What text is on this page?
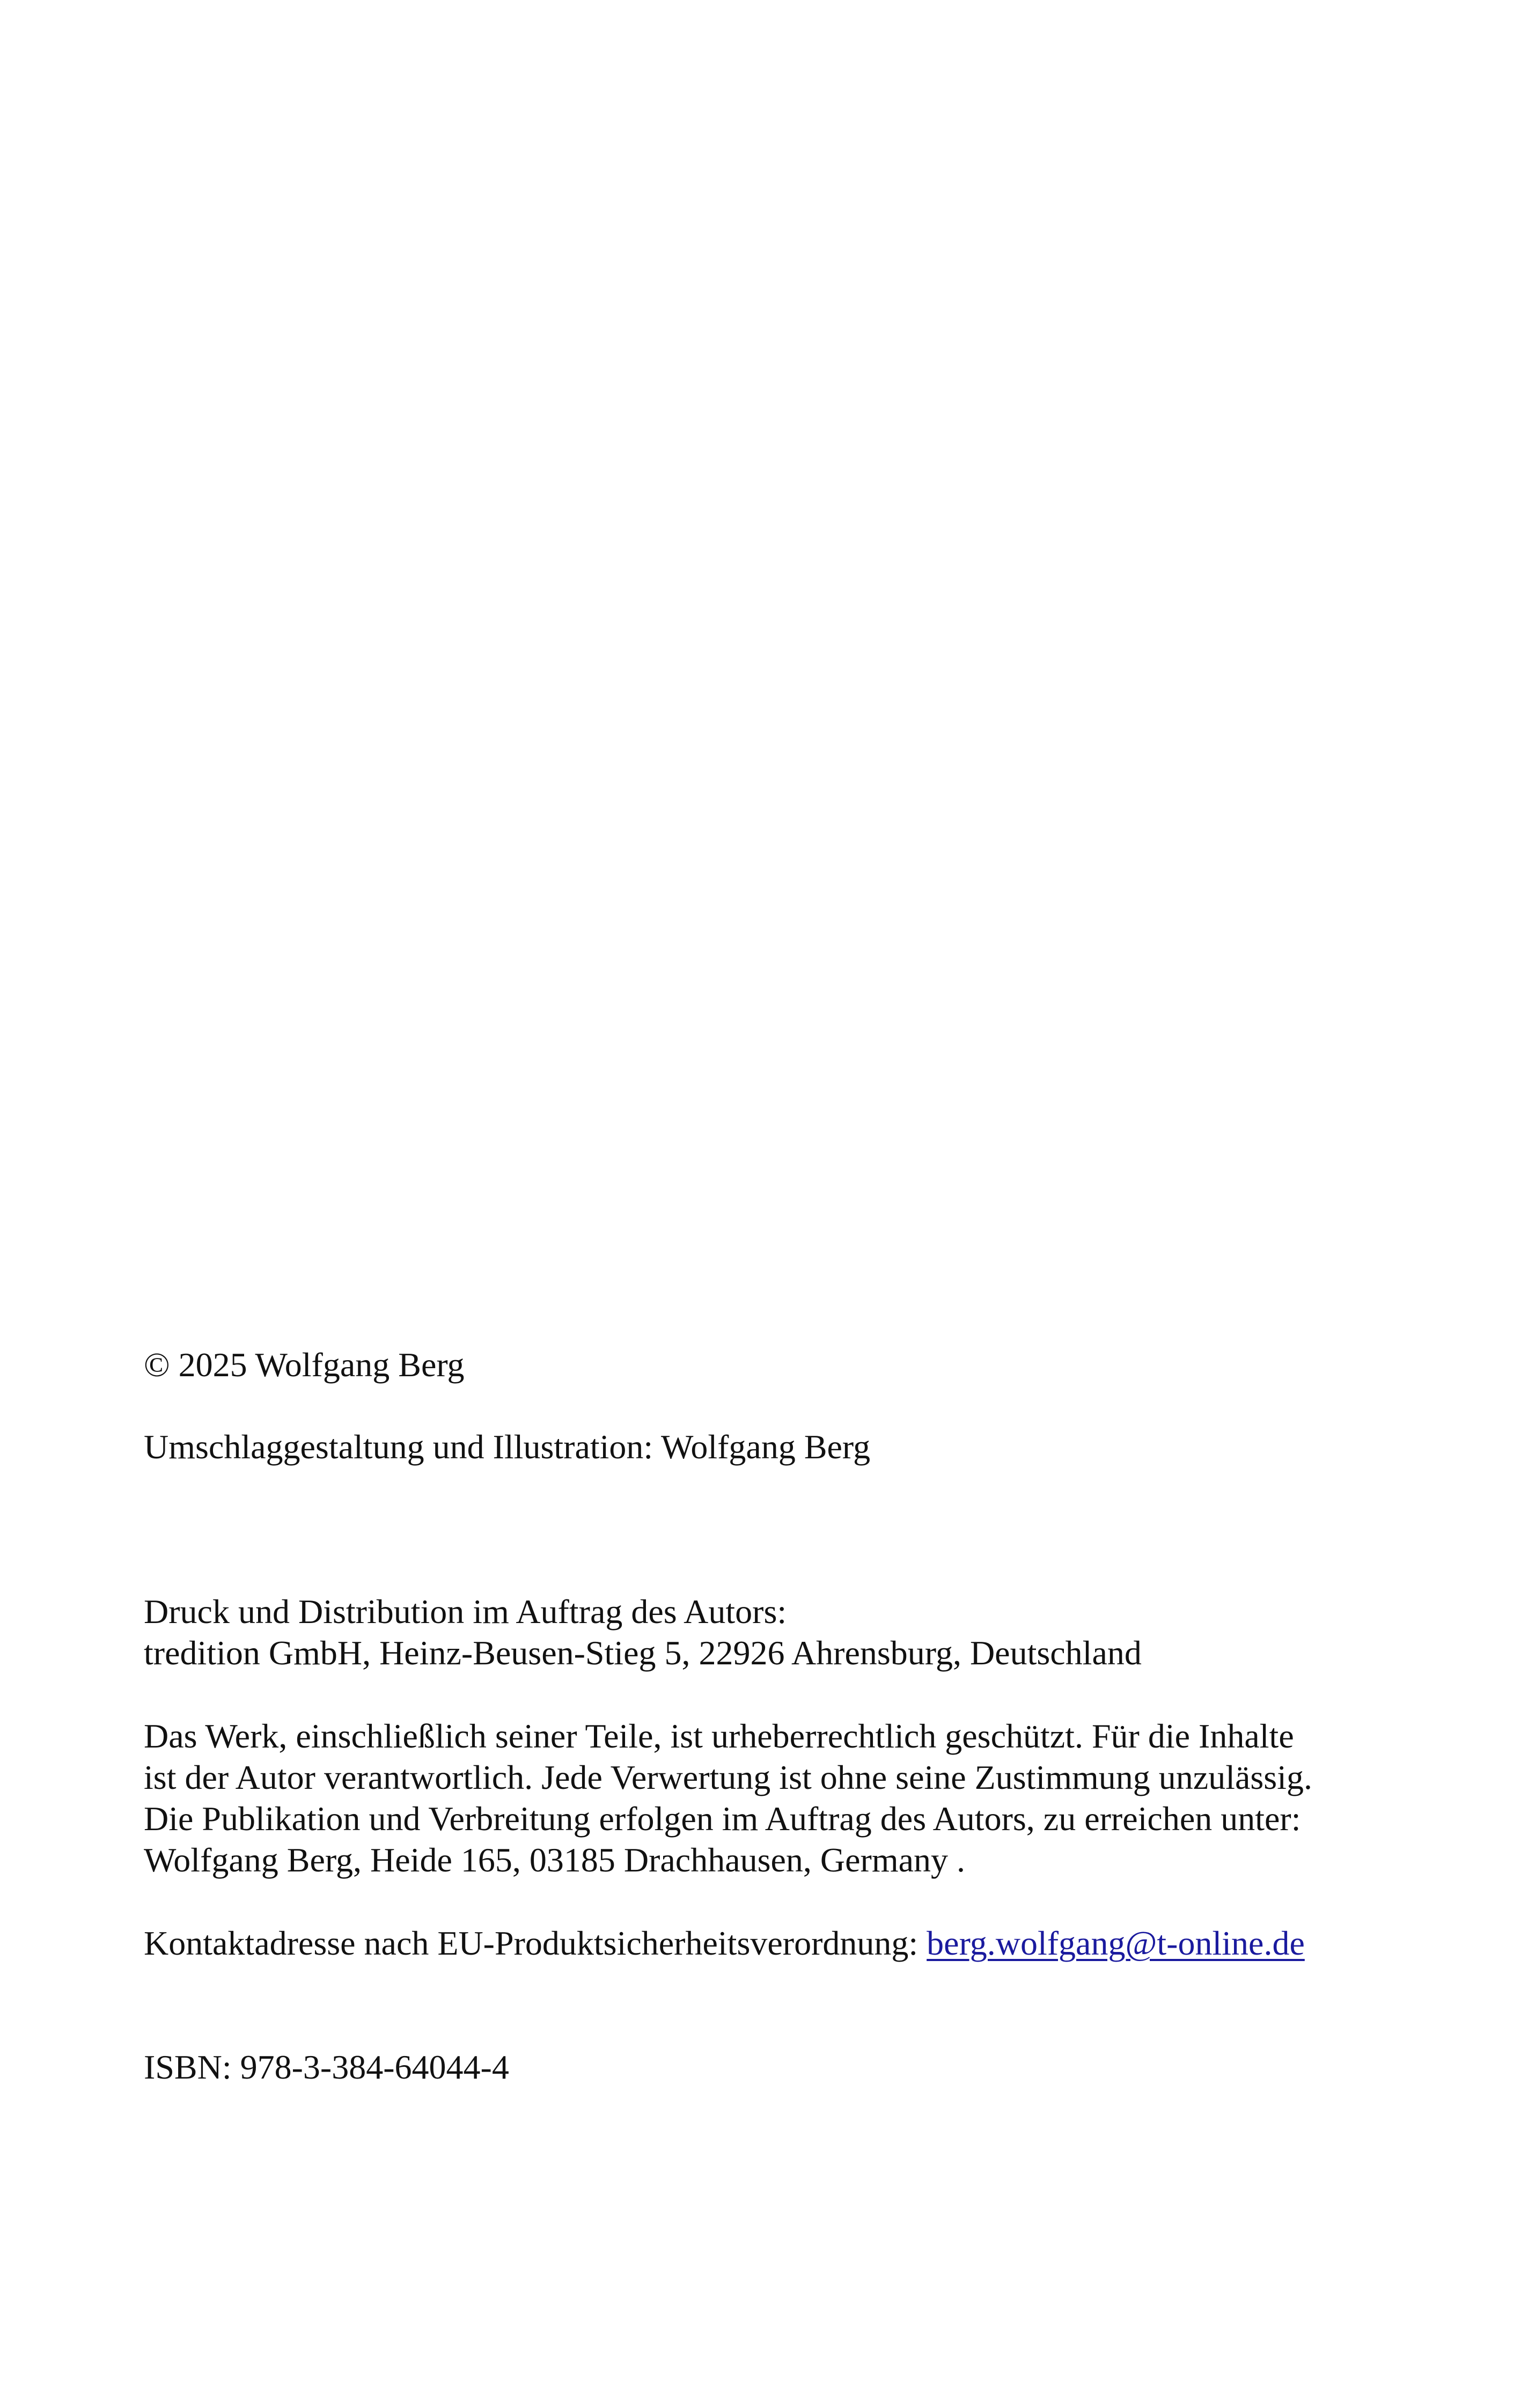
© 2025 Wolfgang Berg

Umschlaggestaltung und Illustration: Wolfgang Berg

Druck und Distribution im Auftrag des Autors:
tredition GmbH, Heinz-Beusen-Stieg 5, 22926 Ahrensburg, Deutschland

Das Werk, einschließlich seiner Teile, ist urheberrechtlich geschützt. Für die Inhalte
ist der Autor verantwortlich. Jede Verwertung ist ohne seine Zustimmung unzulässig.
Die Publikation und Verbreitung erfolgen im Auftrag des Autors, zu erreichen unter:
Wolfgang Berg, Heide 165, 03185 Drachhausen, Germany .

Kontaktadresse nach EU-Produktsicherheitsverordnung: berg.wolfgang@t-online.de

ISBN: 978-3-384-64044-4
